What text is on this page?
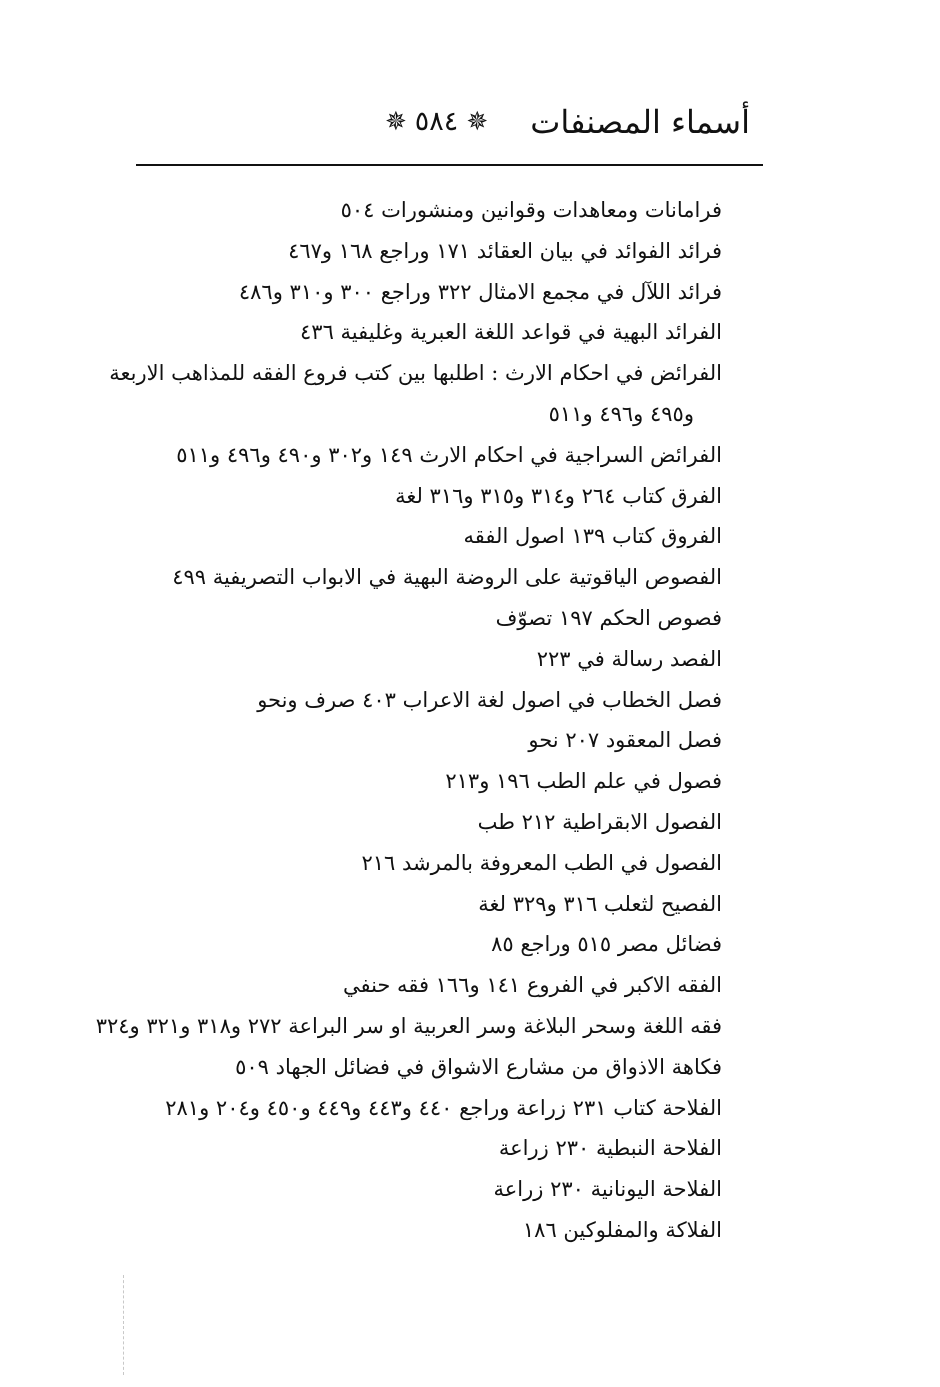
أسماء المصنفات
✵ ٥٨٤ ✵
فرامانات ومعاهدات وقوانين ومنشورات ٥٠٤
فرائد الفوائد في بيان العقائد ١٧١ وراجع ١٦٨ و٤٦٧
فرائد اللآل في مجمع الامثال ٣٢٢ وراجع ٣٠٠ و٣١٠ و٤٨٦
الفرائد البهية في قواعد اللغة العبرية وغليفية ٤٣٦
الفرائض في احكام الارث : اطلبها بين كتب فروع الفقه للمذاهب الاربعة
و٤٩٥ و٤٩٦ و٥١١
الفرائض السراجية في احكام الارث ١٤٩ و٣٠٢ و٤٩٠ و٤٩٦ و٥١١
الفرق كتاب ٢٦٤ و٣١٤ و٣١٥ و٣١٦ لغة
الفروق كتاب ١٣٩ اصول الفقه
الفصوص الياقوتية على الروضة البهية في الابواب التصريفية ٤٩٩
فصوص الحكم ١٩٧ تصوّف
الفصد رسالة في ٢٢٣
فصل الخطاب في اصول لغة الاعراب ٤٠٣ صرف ونحو
فصل المعقود ٢٠٧ نحو
فصول في علم الطب ١٩٦ و٢١٣
الفصول الابقراطية ٢١٢ طب
الفصول في الطب المعروفة بالمرشد ٢١٦
الفصيح لثعلب ٣١٦ و٣٢٩ لغة
فضائل مصر ٥١٥ وراجع ٨٥
الفقه الاكبر في الفروع ١٤١ و١٦٦ فقه حنفي
فقه اللغة وسحر البلاغة وسر العربية او سر البراعة ٢٧٢ و٣١٨ و٣٢١ و٣٢٤
فكاهة الاذواق من مشارع الاشواق في فضائل الجهاد ٥٠٩
الفلاحة كتاب ٢٣١ زراعة وراجع ٤٤٠ و٤٤٣ و٤٤٩ و٤٥٠ و٢٠٤ و٢٨١
الفلاحة النبطية ٢٣٠ زراعة
الفلاحة اليونانية ٢٣٠ زراعة
الفلاكة والمفلوكين ١٨٦
